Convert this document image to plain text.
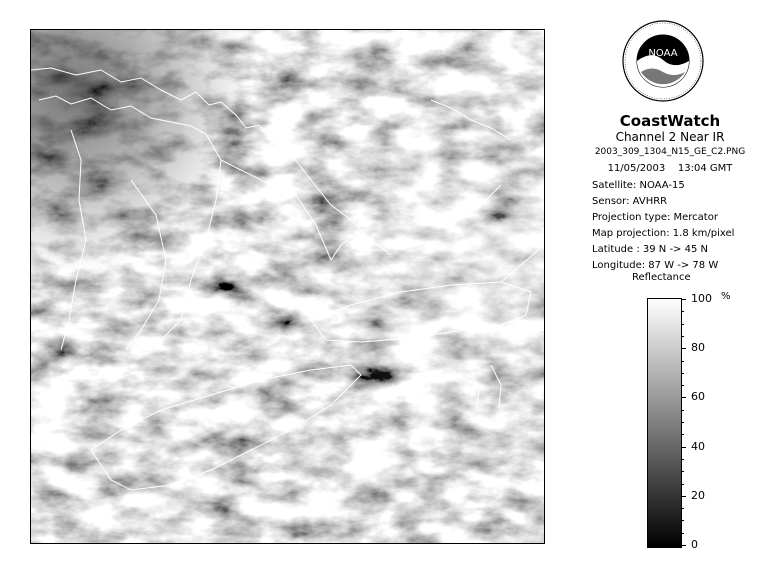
NOAA
CoastWatch
Channel 2 Near IR
2003_309_1304_N15_GE_C2.PNG
11/05/2003    13:04 GMT
Satellite: NOAA-15
Sensor: AVHRR
Projection type: Mercator
Map projection: 1.8 km/pixel
Latitude : 39 N -> 45 N
Longitude: 87 W -> 78 W
Reflectance
%
100
80
60
40
20
0
